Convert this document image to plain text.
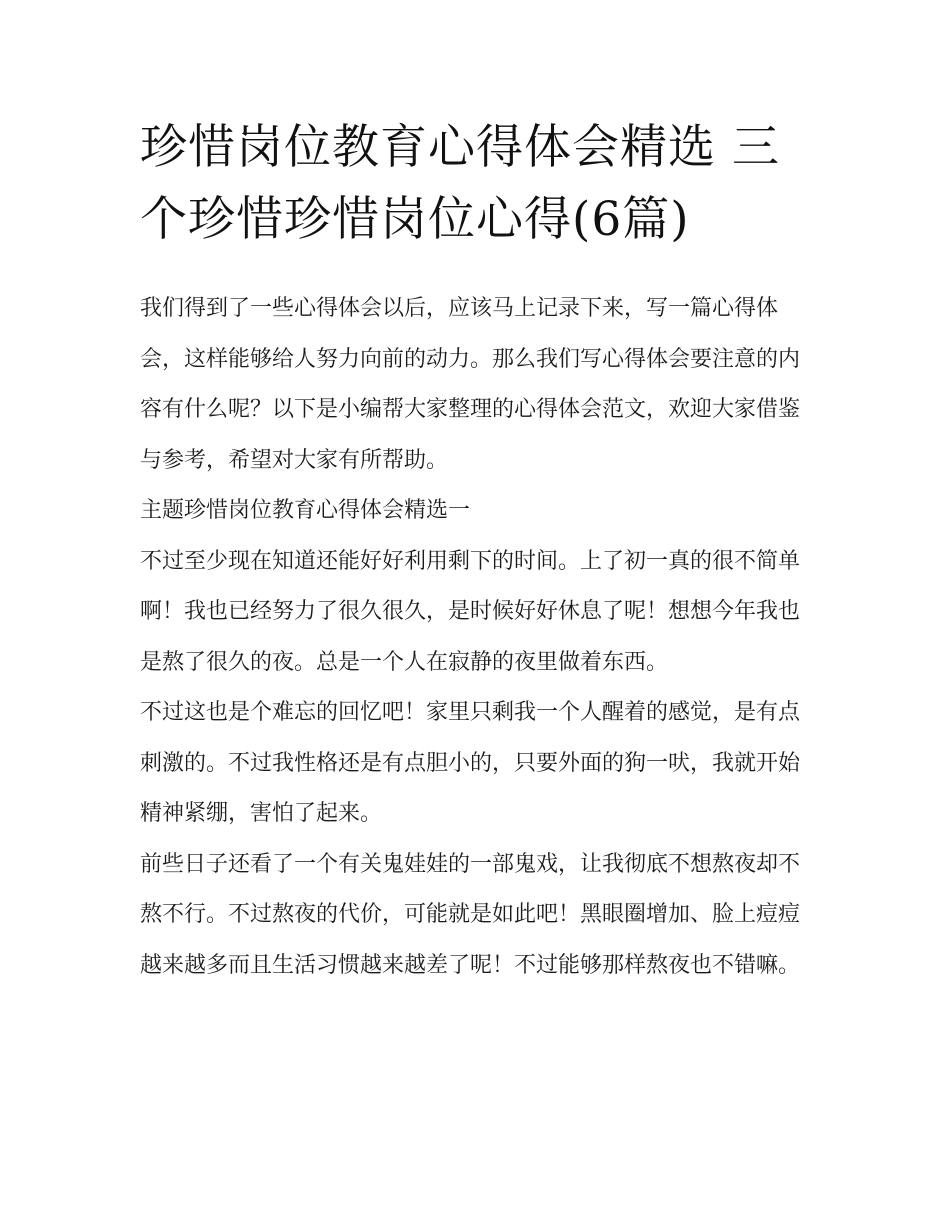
珍惜岗位教育心得体会精选 三个珍惜珍惜岗位心得(6篇)

我们得到了一些心得体会以后，应该马上记录下来，写一篇心得体会，这样能够给人努力向前的动力。那么我们写心得体会要注意的内容有什么呢？以下是小编帮大家整理的心得体会范文，欢迎大家借鉴与参考，希望对大家有所帮助。

主题珍惜岗位教育心得体会精选一

不过至少现在知道还能好好利用剩下的时间。上了初一真的很不简单啊！我也已经努力了很久很久，是时候好好休息了呢！想想今年我也是熬了很久的夜。总是一个人在寂静的夜里做着东西。

不过这也是个难忘的回忆吧！家里只剩我一个人醒着的感觉，是有点刺激的。不过我性格还是有点胆小的，只要外面的狗一吠，我就开始精神紧绷，害怕了起来。

前些日子还看了一个有关鬼娃娃的一部鬼戏，让我彻底不想熬夜却不熬不行。不过熬夜的代价，可能就是如此吧！黑眼圈增加、脸上痘痘越来越多而且生活习惯越来越差了呢！不过能够那样熬夜也不错嘛。
